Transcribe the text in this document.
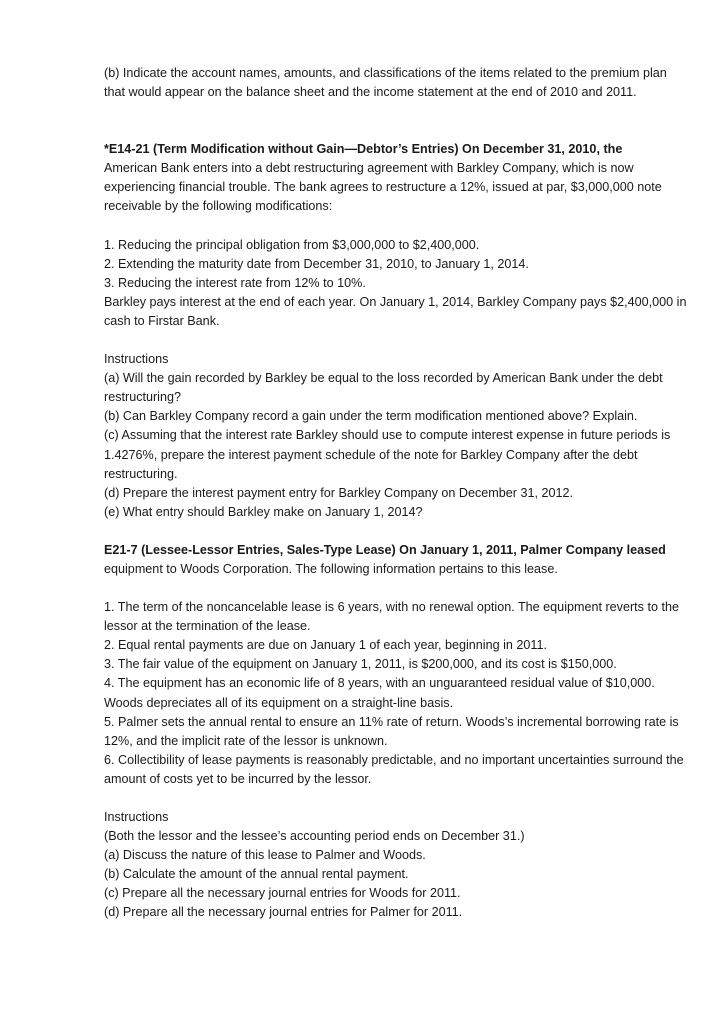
(b) Indicate the account names, amounts, and classifications of the items related to the premium plan that would appear on the balance sheet and the income statement at the end of 2010 and 2011.

*E14-21 (Term Modification without Gain—Debtor’s Entries) On December 31, 2010, the

American Bank enters into a debt restructuring agreement with Barkley Company, which is now experiencing financial trouble. The bank agrees to restructure a 12%, issued at par, $3,000,000 note receivable by the following modifications:

1. Reducing the principal obligation from $3,000,000 to $2,400,000.

2. Extending the maturity date from December 31, 2010, to January 1, 2014.

3. Reducing the interest rate from 12% to 10%.

Barkley pays interest at the end of each year. On January 1, 2014, Barkley Company pays $2,400,000 in cash to Firstar Bank.

Instructions

(a) Will the gain recorded by Barkley be equal to the loss recorded by American Bank under the debt restructuring?

(b) Can Barkley Company record a gain under the term modification mentioned above? Explain.

(c) Assuming that the interest rate Barkley should use to compute interest expense in future periods is 1.4276%, prepare the interest payment schedule of the note for Barkley Company after the debt restructuring.

(d) Prepare the interest payment entry for Barkley Company on December 31, 2012.

(e) What entry should Barkley make on January 1, 2014?

E21-7 (Lessee-Lessor Entries, Sales-Type Lease) On January 1, 2011, Palmer Company leased

equipment to Woods Corporation. The following information pertains to this lease.

1. The term of the noncancelable lease is 6 years, with no renewal option. The equipment reverts to the lessor at the termination of the lease.

2. Equal rental payments are due on January 1 of each year, beginning in 2011.

3. The fair value of the equipment on January 1, 2011, is $200,000, and its cost is $150,000.

4. The equipment has an economic life of 8 years, with an unguaranteed residual value of $10,000. Woods depreciates all of its equipment on a straight-line basis.

5. Palmer sets the annual rental to ensure an 11% rate of return. Woods’s incremental borrowing rate is 12%, and the implicit rate of the lessor is unknown.

6. Collectibility of lease payments is reasonably predictable, and no important uncertainties surround the amount of costs yet to be incurred by the lessor.

Instructions

(Both the lessor and the lessee’s accounting period ends on December 31.)

(a) Discuss the nature of this lease to Palmer and Woods.

(b) Calculate the amount of the annual rental payment.

(c) Prepare all the necessary journal entries for Woods for 2011.

(d) Prepare all the necessary journal entries for Palmer for 2011.
